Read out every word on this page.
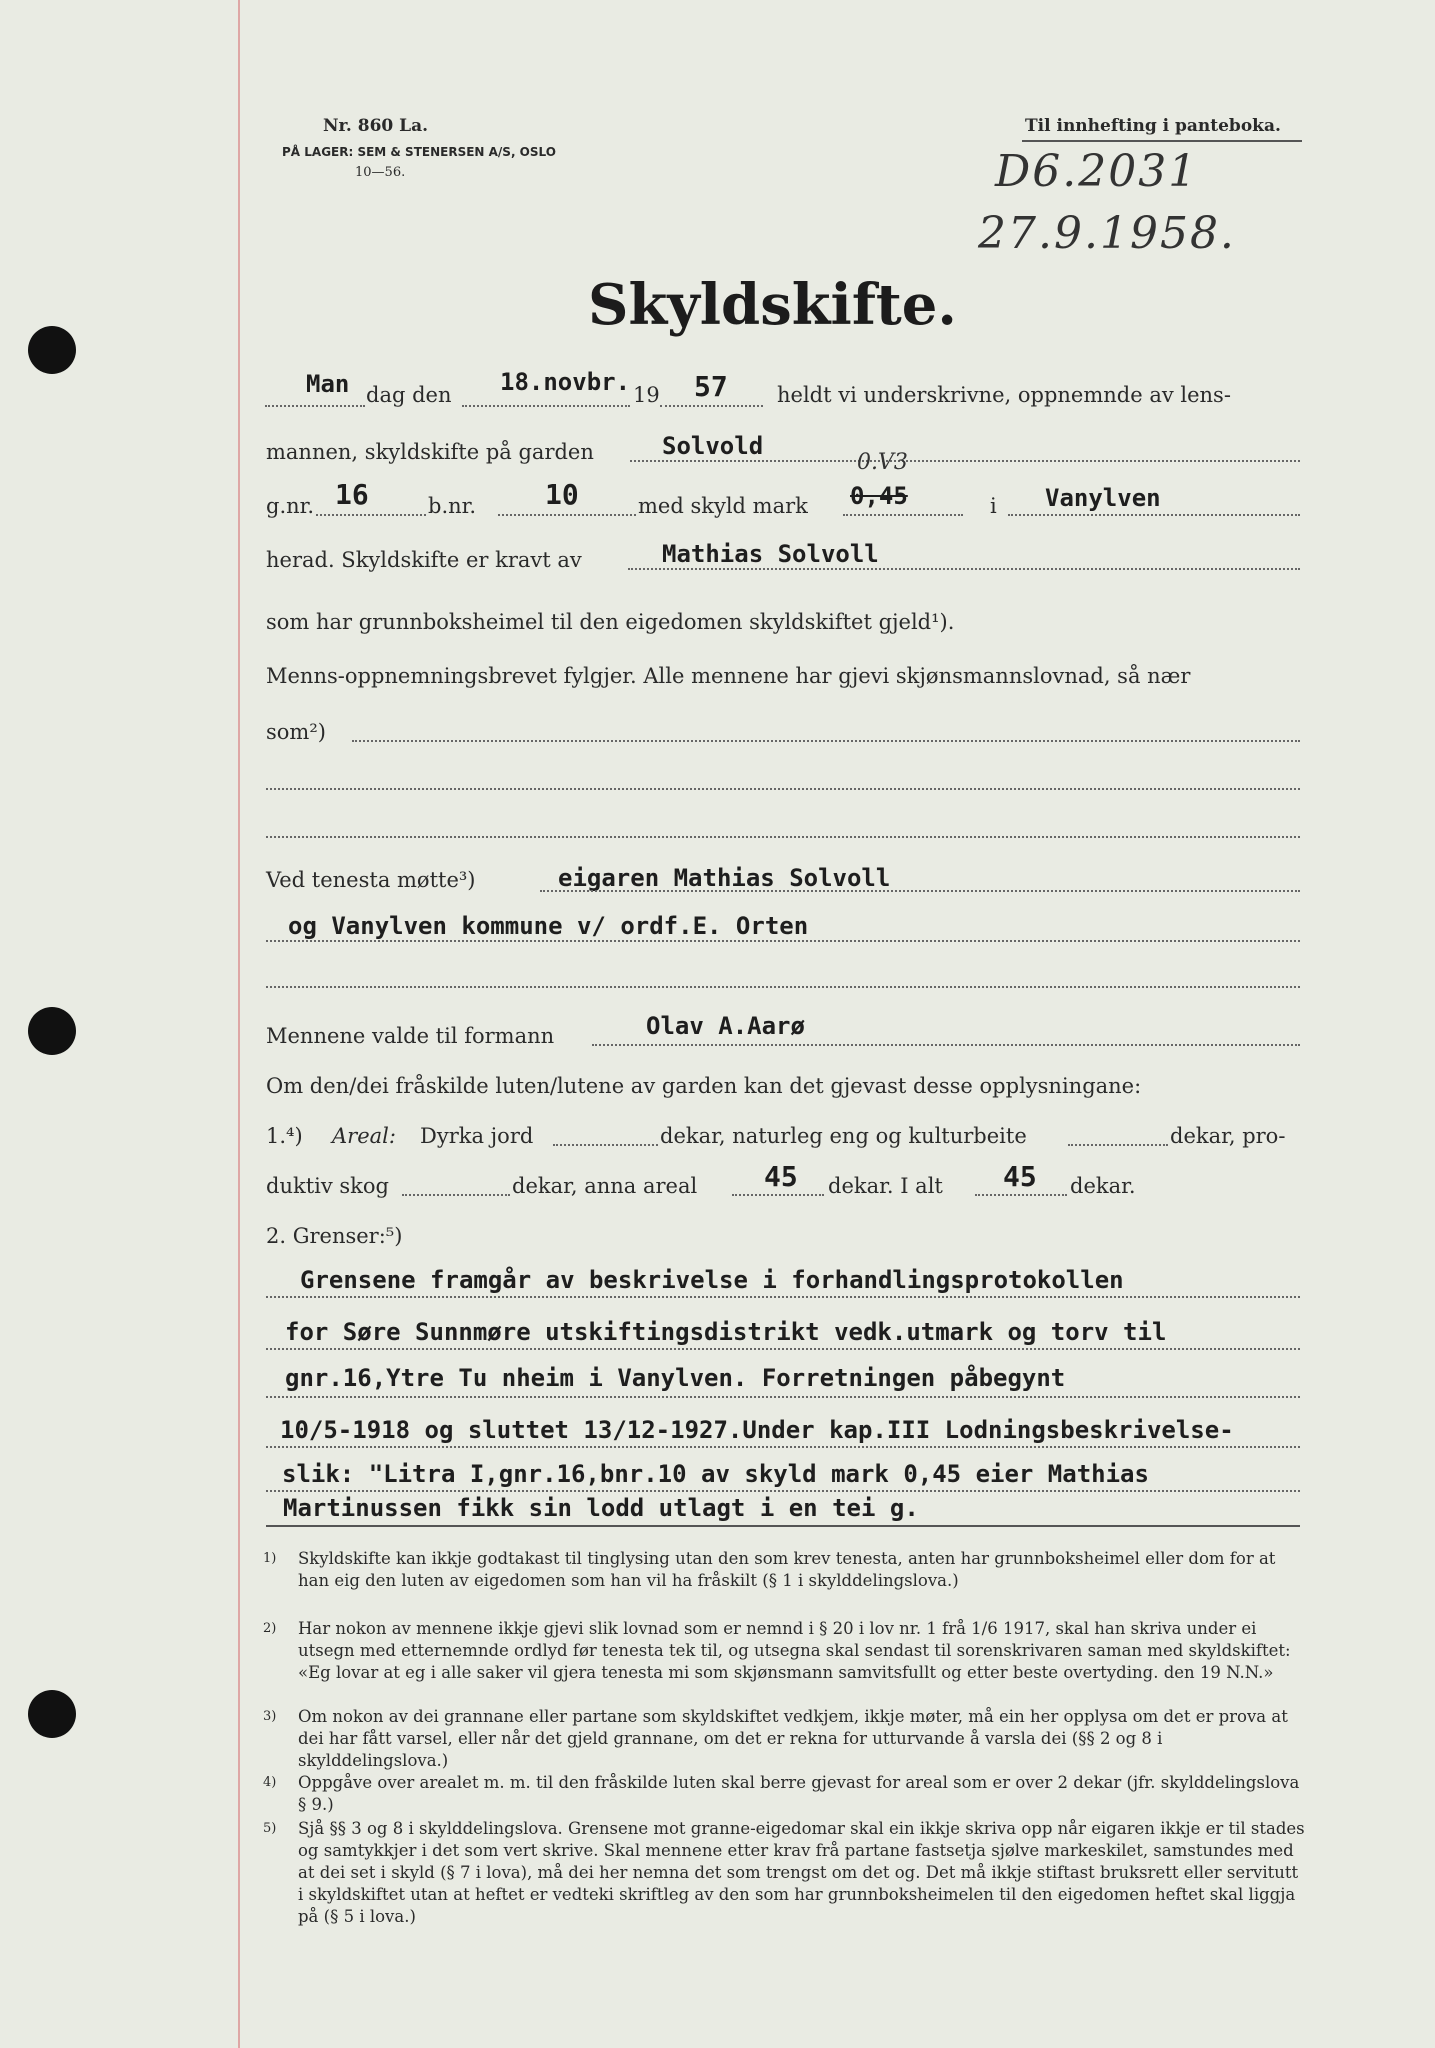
Nr. 860 La.
PÅ LAGER: SEM & STENERSEN A/S, OSLO
10—56.
Til innhefting i panteboka.
D6.2031
27.9.1958.
Skyldskifte.
Man dag den 18.novbr. 19 57 heldt vi underskrivne, oppnemnde av lens-
mannen, skyldskifte på garden	Solvold
g.nr. 16	b.nr. 10	med skyld mark
0.V3
0,45	i Vanylven
herad. Skyldskifte er kravt av	Mathias Solvoll
som har grunnboksheimel til den eigedomen skyldskiftet gjeld¹).
Menns-oppnemningsbrevet fylgjer. Alle mennene har gjevi skjønsmannslovnad, så nær
som²)
Ved tenesta møtte³)	eigaren Mathias Solvoll
og Vanylven kommune v/ ordf.E. Orten
Mennene valde til formann	Olav A.Aarø
Om den/dei fråskilde luten/lutene av garden kan det gjevast desse opplysningane:
1.⁴) Areal: Dyrka jord	dekar, naturleg eng og kulturbeite	dekar, pro-
duktiv skog	dekar, anna areal 45 dekar. I alt 45 dekar.
2. Grenser:⁵)
Grensene framgår av beskrivelse i forhandlingsprotokollen
for Søre Sunnmøre utskiftingsdistrikt vedk.utmark og torv til
gnr.16,Ytre Tu nheim i Vanylven. Forretningen påbegynt
10/5-1918 og sluttet 13/12-1927.Under kap.III Lodningsbeskrivelse-
slik: "Litra I,gnr.16,bnr.10 av skyld mark 0,45 eier Mathias
Martinussen fikk sin lodd utlagt i en tei g.
1) Skyldskifte kan ikkje godtakast til tinglysing utan den som krev tenesta, anten har grunnboksheimel eller dom for at han eig den luten av eigedomen som han vil ha fråskilt (§ 1 i skylddelingslova.)
2) Har nokon av mennene ikkje gjevi slik lovnad som er nemnd i § 20 i lov nr. 1 frå 1/6 1917, skal han skriva under ei utsegn med etternemnde ordlyd før tenesta tek til, og utsegna skal sendast til sorenskrivaren saman med skyldskiftet: «Eg lovar at eg i alle saker vil gjera tenesta mi som skjønsmann samvitsfullt og etter beste overtyding. den 19 N.N.»
3) Om nokon av dei grannane eller partane som skyldskiftet vedkjem, ikkje møter, må ein her opplysa om det er prova at dei har fått varsel, eller når det gjeld grannane, om det er rekna for utturvande å varsla dei (§§ 2 og 8 i skylddelingslova.)
4) Oppgåve over arealet m. m. til den fråskilde luten skal berre gjevast for areal som er over 2 dekar (jfr. skylddelingslova § 9.)
5) Sjå §§ 3 og 8 i skylddelingslova. Grensene mot granne-eigedomar skal ein ikkje skriva opp når eigaren ikkje er til stades og samtykkjer i det som vert skrive. Skal mennene etter krav frå partane fastsetja sjølve markeskilet, samstundes med at dei set i skyld (§ 7 i lova), må dei her nemna det som trengst om det og. Det må ikkje stiftast bruksrett eller servitutt i skyldskiftet utan at heftet er vedteki skriftleg av den som har grunnboksheimelen til den eigedomen heftet skal liggja på (§ 5 i lova.)
